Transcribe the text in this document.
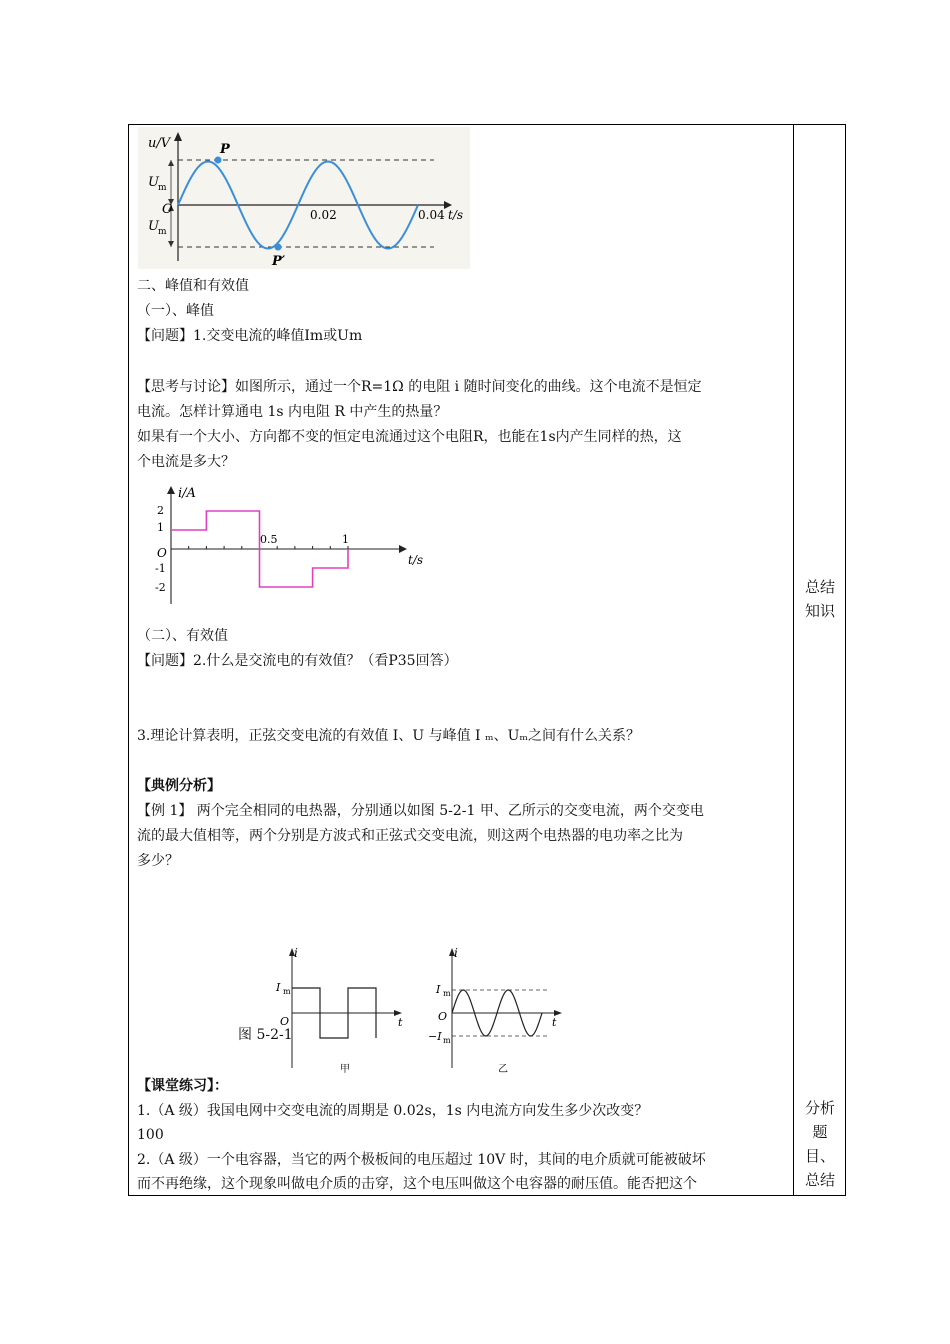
u/V	P
P′
U m
U m
O	0.02	0.04 t/s
二、峰值和有效值
（一）、峰值
【问题】1.交变电流的峰值Im或Um
【思考与讨论】如图所示，通过一个R=1Ω 的电阻 i 随时间变化的曲线。这个电流不是恒定
电流。怎样计算通电 1s 内电阻 R 中产生的热量？
如果有一个大小、方向都不变的恒定电流通过这个电阻R，也能在1s内产生同样的热，这
个电流是多大？
i/A
2
1
O
-1
-2
0.5	1
t/s
（二）、有效值
【问题】2.什么是交流电的有效值？（看P35回答）
3.理论计算表明，正弦交变电流的有效值 I、U 与峰值 I ₘ、Uₘ之间有什么关系？
【典例分析】
【例 1】 两个完全相同的电热器，分别通以如图 5-2-1 甲、乙所示的交变电流，两个交变电
流的最大值相等，两个分别是方波式和正弦式交变电流，则这两个电热器的电功率之比为
多少？
i
I m
O	t
甲
i
I m
O
−I m
t
乙
图 5-2-1
【课堂练习】：
1.（A 级）我国电网中交变电流的周期是 0.02s，1s 内电流方向发生多少次改变？
100
2.（A 级）一个电容器，当它的两个极板间的电压超过 10V 时，其间的电介质就可能被破坏
而不再绝缘，这个现象叫做电介质的击穿，这个电压叫做这个电容器的耐压值。能否把这个
总结
知识
分析
题
目、
总结
